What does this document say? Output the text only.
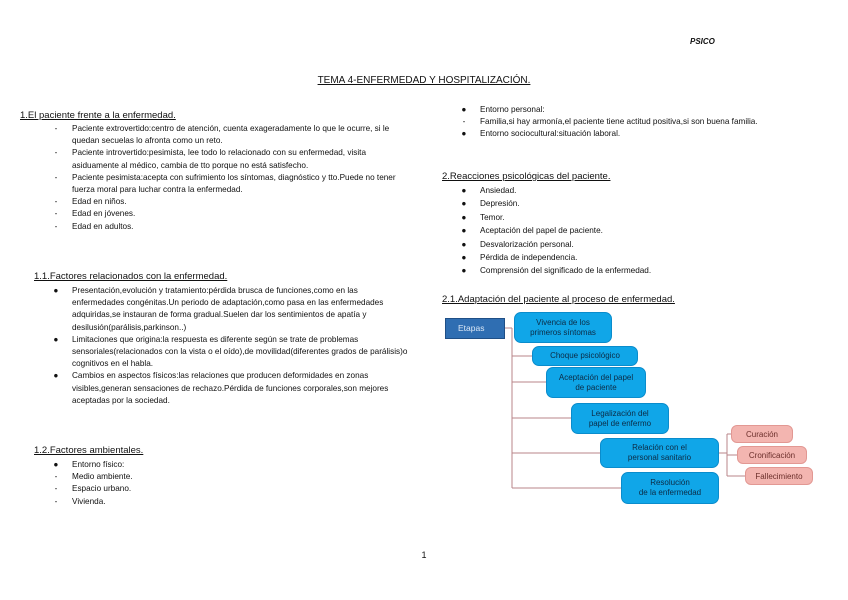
PSICO
TEMA 4-ENFERMEDAD Y HOSPITALIZACIÓN.
1.El paciente frente a la enfermedad.
-	Paciente extrovertido:centro de atención, cuenta exageradamente lo que le ocurre, si le quedan secuelas lo afronta como un reto.
-	Paciente introvertido:pesimista, lee todo lo relacionado con su enfermedad, visita asiduamente al médico, cambia de tto porque no está satisfecho.
-	Paciente pesimista:acepta con sufrimiento los síntomas, diagnóstico y tto.Puede no tener fuerza moral para luchar contra la enfermedad.
-	Edad en niños.
-	Edad en jóvenes.
-	Edad en adultos.
1.1.Factores relacionados con la enfermedad.
●	Presentación,evolución y tratamiento:pérdida brusca de funciones,como en las enfermedades congénitas.Un periodo de adaptación,como pasa en las enfermedades adquiridas,se instauran de forma gradual.Suelen dar los sentimientos de apatía y desilusión(parálisis,parkinson..)
●	Limitaciones que origina:la respuesta es diferente según se trate de problemas sensoriales(relacionados con la vista o el oído),de movilidad(diferentes grados de parálisis)o cognitivos en el habla.
●	Cambios en aspectos físicos:las relaciones que producen deformidades en zonas visibles,generan sensaciones de rechazo.Pérdida de funciones corporales,son mejores aceptadas por la sociedad.
1.2.Factores ambientales.
●	Entorno físico:
-	Medio ambiente.
-	Espacio urbano.
-	Vivienda.
●	Entorno personal:
-	Familia,si hay armonía,el paciente tiene actitud positiva,si son buena familia.
●	Entorno sociocultural:situación laboral.
2.Reacciones psicológicas del paciente.
●	Ansiedad.
●	Depresión.
●	Temor.
●	Aceptación del papel de paciente.
●	Desvalorización personal.
●	Pérdida de independencia.
●	Comprensión del significado de la enfermedad.
2.1.Adaptación del paciente al proceso de enfermedad.
Etapas
Vivencia de los
primeros síntomas
Choque psicológico
Aceptación del papel
de paciente
Legalización del
papel de enfermo
Relación con el
personal sanitario
Resolución
de la enfermedad
Curación
Cronificación
Fallecimiento
1
